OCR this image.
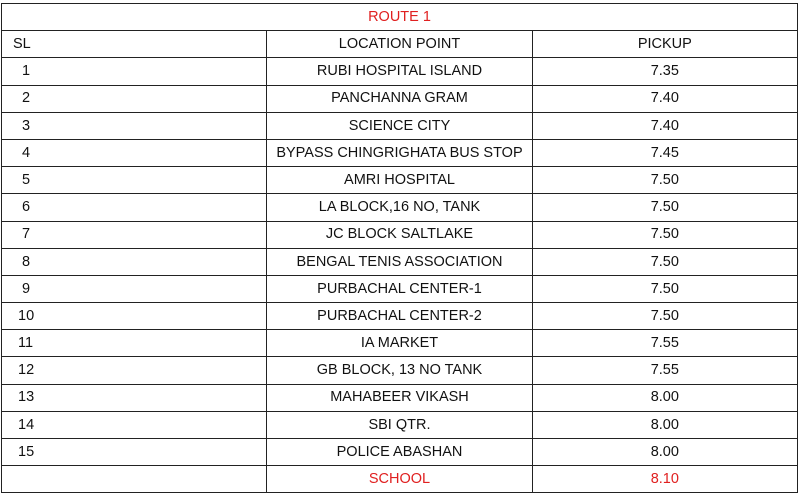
ROUTE 1		
SL	LOCATION POINT	PICKUP
1	RUBI HOSPITAL ISLAND	7.35
2	PANCHANNA GRAM	7.40
3	SCIENCE CITY	7.40
4	BYPASS CHINGRIGHATA BUS STOP	7.45
5	AMRI HOSPITAL	7.50
6	LA BLOCK,16 NO, TANK	7.50
7	JC BLOCK SALTLAKE	7.50
8	BENGAL TENIS ASSOCIATION	7.50
9	PURBACHAL CENTER-1	7.50
10	PURBACHAL CENTER-2	7.50
11	IA MARKET	7.55
12	GB BLOCK, 13 NO TANK	7.55
13	MAHABEER VIKASH	8.00
14	SBI QTR.	8.00
15	POLICE ABASHAN	8.00
	SCHOOL	8.10
